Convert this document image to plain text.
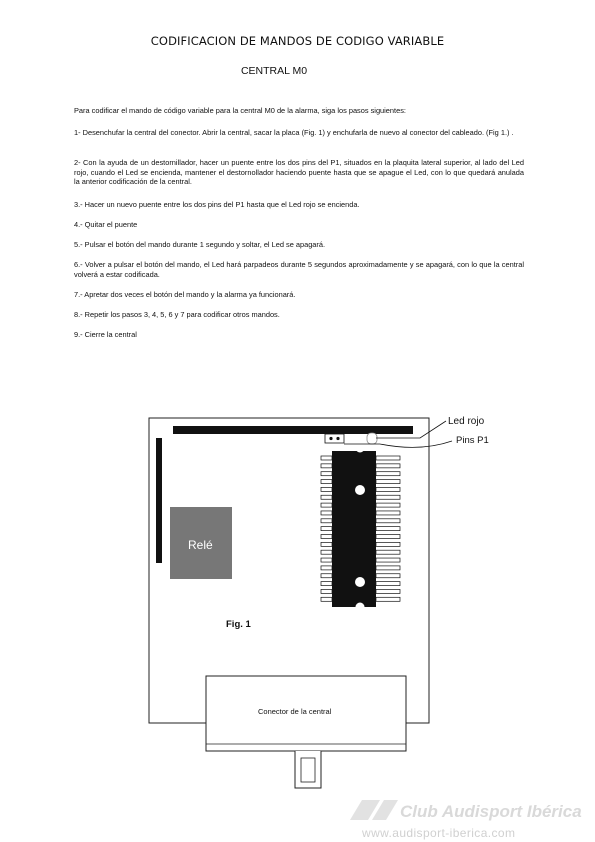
CODIFICACION DE MANDOS DE CODIGO VARIABLE
CENTRAL M0

Para codificar el mando de código variable para la central M0 de la alarma, siga los pasos siguientes:

1- Desenchufar la central del conector. Abrir la central, sacar la placa (Fig. 1) y enchufarla de nuevo al conector del cableado. (Fig 1.) .

2- Con la ayuda de un destornillador, hacer un puente entre los dos pins del P1, situados en la plaquita lateral superior, al lado del Led rojo, cuando el Led se encienda, mantener el destornollador haciendo puente hasta que se apague el Led, con lo que quedará anulada la anterior codificación de la central.

3.- Hacer un nuevo puente entre los dos pins del P1 hasta que el Led rojo se encienda.

4.- Quitar el puente

5.- Pulsar el botón del mando durante 1 segundo y soltar, el Led se apagará.

6.- Volver a pulsar el botón del mando, el Led hará parpadeos durante 5 segundos aproximadamente y se apagará, con lo que la central volverá a estar codificada.

7.- Apretar dos veces el botón del mando y la alarma ya funcionará.

8.- Repetir los pasos 3, 4, 5, 6 y 7 para codificar otros mandos.

9.- Cierre la central

Led rojo
Pins P1
Relé
Fig. 1
Conector de la central
Club Audisport Ibérica
www.audisport-iberica.com
